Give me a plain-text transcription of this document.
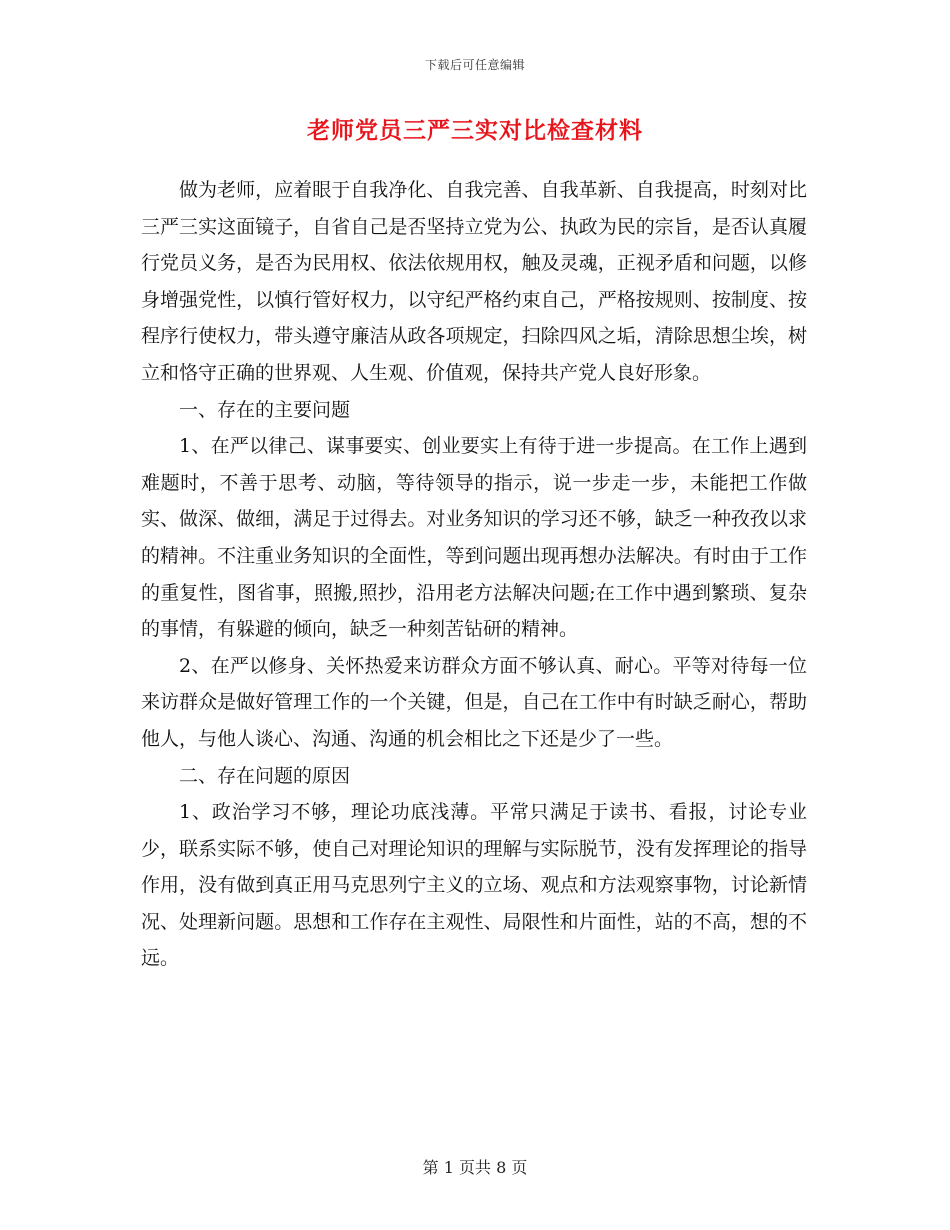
下载后可任意编辑
老师党员三严三实对比检查材料

做为老师，应着眼于自我净化、自我完善、自我革新、自我提高，时刻对比三严三实这面镜子，自省自己是否坚持立党为公、执政为民的宗旨，是否认真履行党员义务，是否为民用权、依法依规用权，触及灵魂，正视矛盾和问题，以修身增强党性，以慎行管好权力，以守纪严格约束自己，严格按规则、按制度、按程序行使权力，带头遵守廉洁从政各项规定，扫除四风之垢，清除思想尘埃，树立和恪守正确的世界观、人生观、价值观，保持共产党人良好形象。

一、存在的主要问题

1、在严以律己、谋事要实、创业要实上有待于进一步提高。在工作上遇到难题时，不善于思考、动脑，等待领导的指示，说一步走一步，未能把工作做实、做深、做细，满足于过得去。对业务知识的学习还不够，缺乏一种孜孜以求的精神。不注重业务知识的全面性，等到问题出现再想办法解决。有时由于工作的重复性，图省事，照搬,照抄，沿用老方法解决问题;在工作中遇到繁琐、复杂的事情，有躲避的倾向，缺乏一种刻苦钻研的精神。

2、在严以修身、关怀热爱来访群众方面不够认真、耐心。平等对待每一位来访群众是做好管理工作的一个关键，但是，自己在工作中有时缺乏耐心，帮助他人，与他人谈心、沟通、沟通的机会相比之下还是少了一些。

二、存在问题的原因

1、政治学习不够，理论功底浅薄。平常只满足于读书、看报，讨论专业少，联系实际不够，使自己对理论知识的理解与实际脱节，没有发挥理论的指导作用，没有做到真正用马克思列宁主义的立场、观点和方法观察事物，讨论新情况、处理新问题。思想和工作存在主观性、局限性和片面性，站的不高，想的不远。

第 1 页共 8 页
